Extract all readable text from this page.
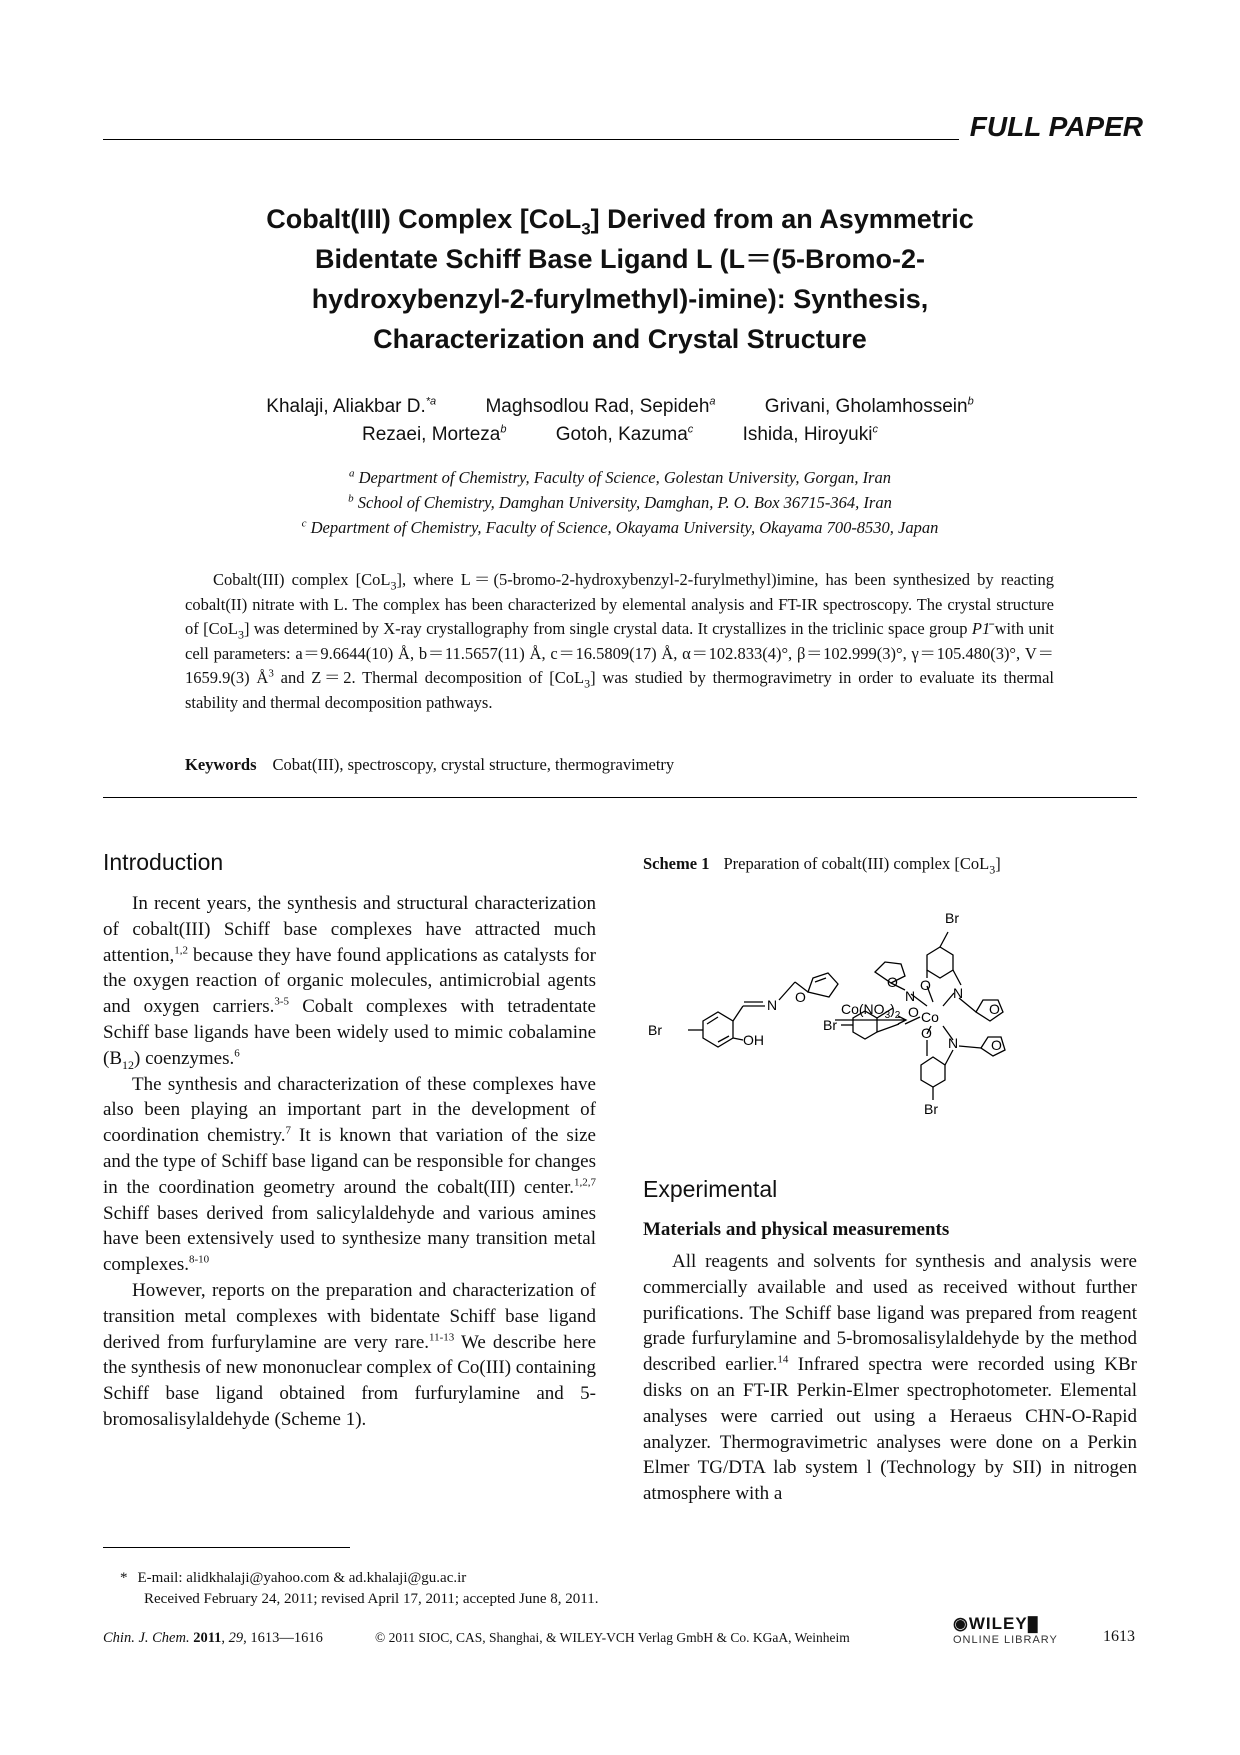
FULL PAPER
Cobalt(III) Complex [CoL$_3$] Derived from an Asymmetric
Bidentate Schiff Base Ligand L (L＝(5-Bromo-2-
hydroxybenzyl-2-furylmethyl)-imine): Synthesis,
Characterization and Crystal Structure
Khalaji, Aliakbar D.$^{*a}$	Maghsodlou Rad, Sepideh$^a$	Grivani, Gholamhossein$^b$
Rezaei, Morteza$^b$	Gotoh, Kazuma$^c$	Ishida, Hiroyuki$^c$
$^a$ Department of Chemistry, Faculty of Science, Golestan University, Gorgan, Iran
$^b$ School of Chemistry, Damghan University, Damghan, P. O. Box 36715-364, Iran
$^c$ Department of Chemistry, Faculty of Science, Okayama University, Okayama 700-8530, Japan
Cobalt(III) complex [CoL$_3$], where L＝(5-bromo-2-hydroxybenzyl-2-furylmethyl)imine, has been synthesized by reacting cobalt(II) nitrate with L. The complex has been characterized by elemental analysis and FT-IR spectroscopy. The crystal structure of [CoL$_3$] was determined by X-ray crystallography from single crystal data. It crystallizes in the triclinic space group P1̄ with unit cell parameters: a＝9.6644(10) Å, b＝11.5657(11) Å, c＝16.5809(17) Å, α＝102.833(4)°, β＝102.999(3)°, γ＝105.480(3)°, V＝1659.9(3) $Å^3$ and Z＝2. Thermal decomposition of [CoL$_3$] was studied by thermogravimetry in order to evaluate its thermal stability and thermal decomposition pathways.
Keywords Cobat(III), spectroscopy, crystal structure, thermogravimetry
Introduction

In recent years, the synthesis and structural characterization of cobalt(III) Schiff base complexes have attracted much attention,$^{1,2}$ because they have found applications as catalysts for the oxygen reaction of organic molecules, antimicrobial agents and oxygen carriers.$^{3-5}$ Cobalt complexes with tetradentate Schiff base ligands have been widely used to mimic cobalamine $(B_{12})$ coenzymes.$^6$

The synthesis and characterization of these complexes have also been playing an important part in the development of coordination chemistry.$^7$ It is known that variation of the size and the type of Schiff base ligand can be responsible for changes in the coordination geometry around the cobalt(III) center.$^{1,2,7}$ Schiff bases derived from salicylaldehyde and various amines have been extensively used to synthesize many transition metal complexes.$^{8-10}$

However, reports on the preparation and characterization of transition metal complexes with bidentate Schiff base ligand derived from furfurylamine are very rare.$^{11-13}$ We describe here the synthesis of new mononuclear complex of Co(III) containing Schiff base ligand obtained from furfurylamine and 5-bromosalisylaldehyde (Scheme 1).

Scheme 1 Preparation of cobalt(III) complex [CoL$_3$]
Br
N O
OH
$Co(NO_3)_2$
Br
O
O
N	N
Co
O
O
N
O
O
Br
Br
Experimental
Materials and physical measurements

All reagents and solvents for synthesis and analysis were commercially available and used as received without further purifications. The Schiff base ligand was prepared from reagent grade furfurylamine and 5-bromosalisylaldehyde by the method described earlier.$^{14}$ Infrared spectra were recorded using KBr disks on an FT-IR Perkin-Elmer spectrophotometer. Elemental analyses were carried out using a Heraeus CHN-O-Rapid analyzer. Thermogravimetric analyses were done on a Perkin Elmer TG/DTA lab system l (Technology by SII) in nitrogen atmosphere with a

* E-mail: alidkhalaji@yahoo.com & ad.khalaji@gu.ac.ir
Received February 24, 2011; revised April 17, 2011; accepted June 8, 2011.
Chin. J. Chem. 2011, 29, 1613—1616	© 2011 SIOC, CAS, Shanghai, & WILEY-VCH Verlag GmbH & Co. KGaA, Weinheim
◉WILEY█
ONLINE LIBRARY	1613
